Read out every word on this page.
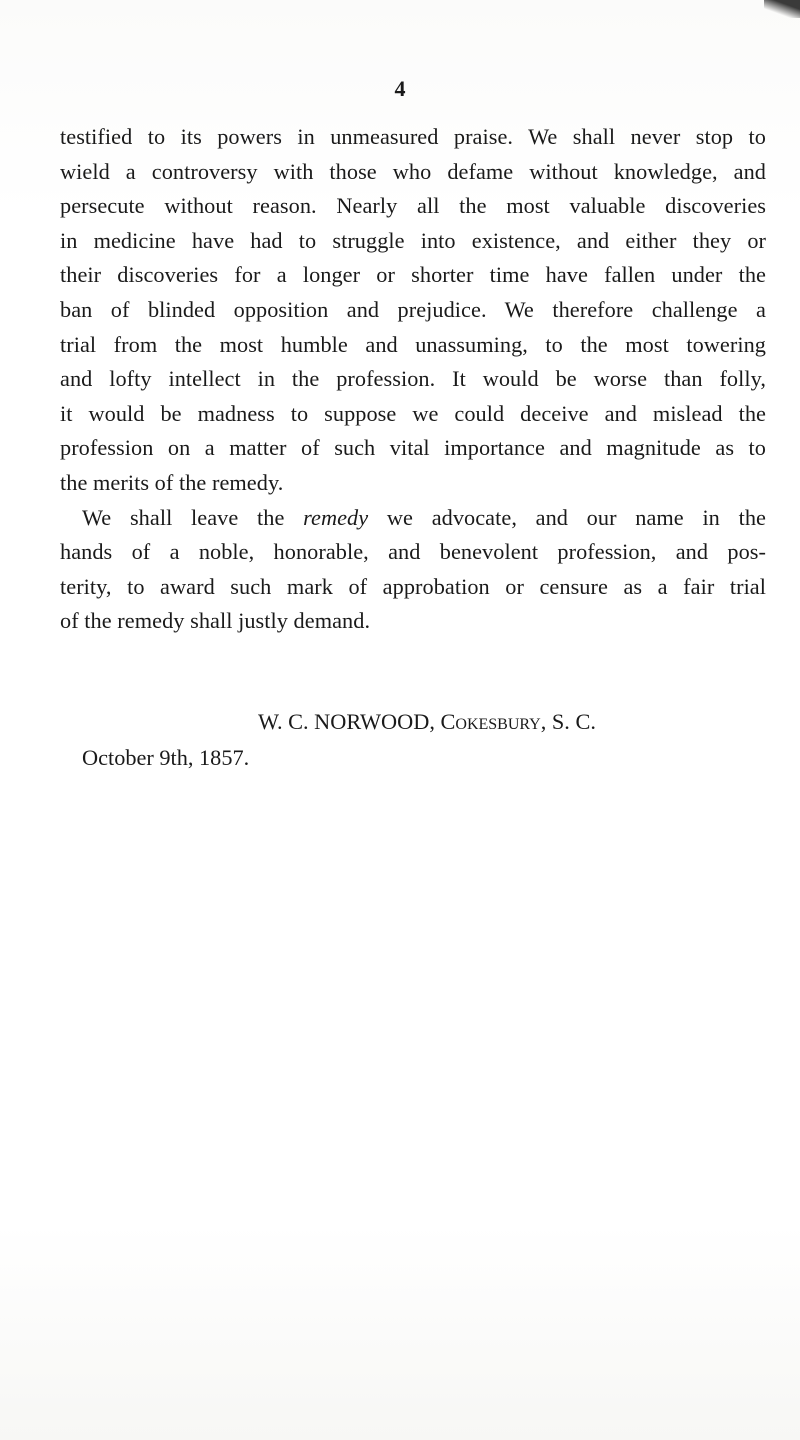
4
testified to its powers in unmeasured praise. We shall never stop to
wield a controversy with those who defame without knowledge, and
persecute without reason. Nearly all the most valuable discoveries
in medicine have had to struggle into existence, and either they or
their discoveries for a longer or shorter time have fallen under the
ban of blinded opposition and prejudice. We therefore challenge a
trial from the most humble and unassuming, to the most towering
and lofty intellect in the profession. It would be worse than folly,
it would be madness to suppose we could deceive and mislead the
profession on a matter of such vital importance and magnitude as to
the merits of the remedy.
We shall leave the remedy we advocate, and our name in the
hands of a noble, honorable, and benevolent profession, and pos-
terity, to award such mark of approbation or censure as a fair trial
of the remedy shall justly demand.
W. C. NORWOOD, Cokesbury, S. C.
October 9th, 1857.
